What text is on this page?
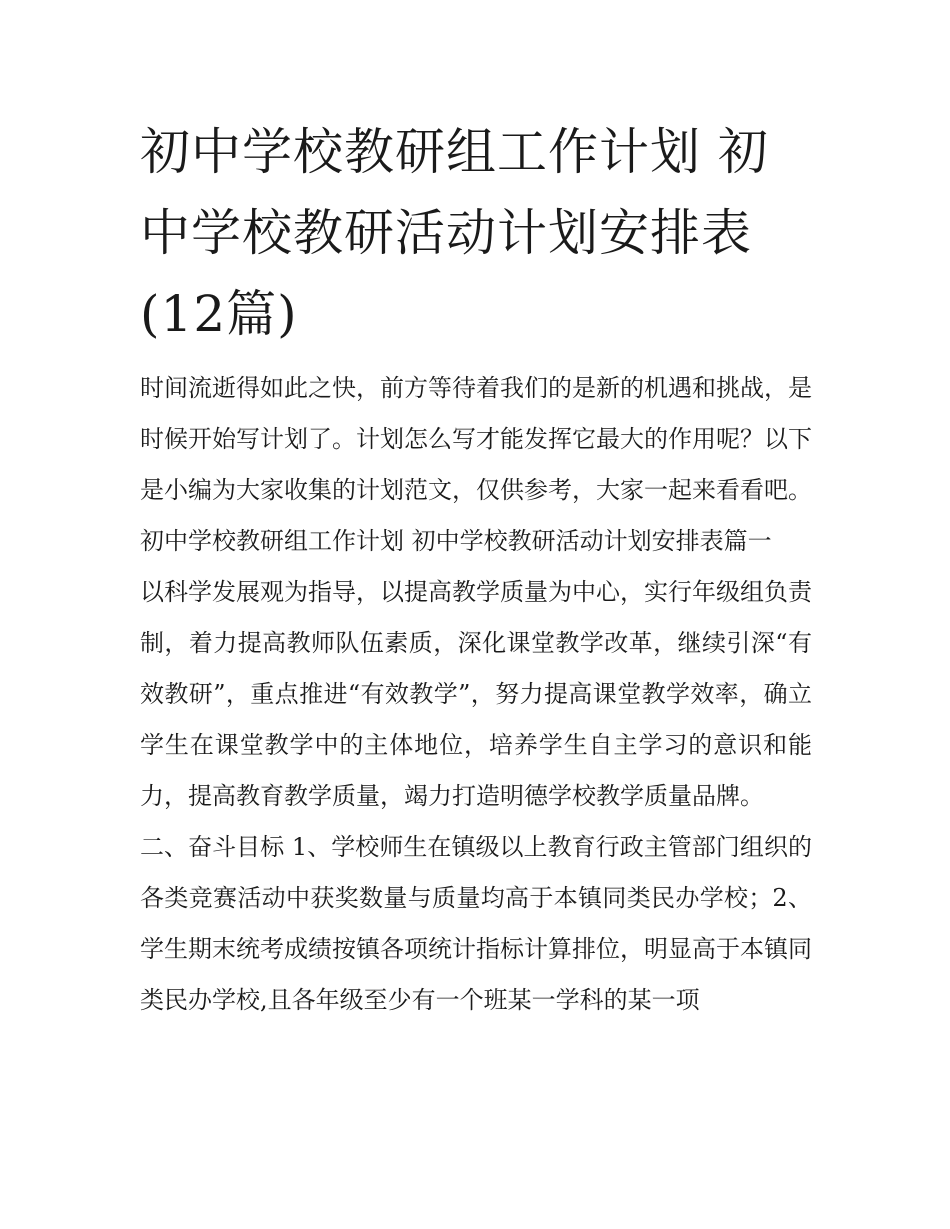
初中学校教研组工作计划 初中学校教研活动计划安排表(12篇)

时间流逝得如此之快，前方等待着我们的是新的机遇和挑战，是时候开始写计划了。计划怎么写才能发挥它最大的作用呢？以下是小编为大家收集的计划范文，仅供参考，大家一起来看看吧。

初中学校教研组工作计划 初中学校教研活动计划安排表篇一

以科学发展观为指导，以提高教学质量为中心，实行年级组负责制，着力提高教师队伍素质，深化课堂教学改革，继续引深“有效教研”，重点推进“有效教学”，努力提高课堂教学效率，确立学生在课堂教学中的主体地位，培养学生自主学习的意识和能力，提高教育教学质量，竭力打造明德学校教学质量品牌。

二、奋斗目标 1、学校师生在镇级以上教育行政主管部门组织的各类竞赛活动中获奖数量与质量均高于本镇同类民办学校；2、学生期末统考成绩按镇各项统计指标计算排位，明显高于本镇同类民办学校,且各年级至少有一个班某一学科的某一项
